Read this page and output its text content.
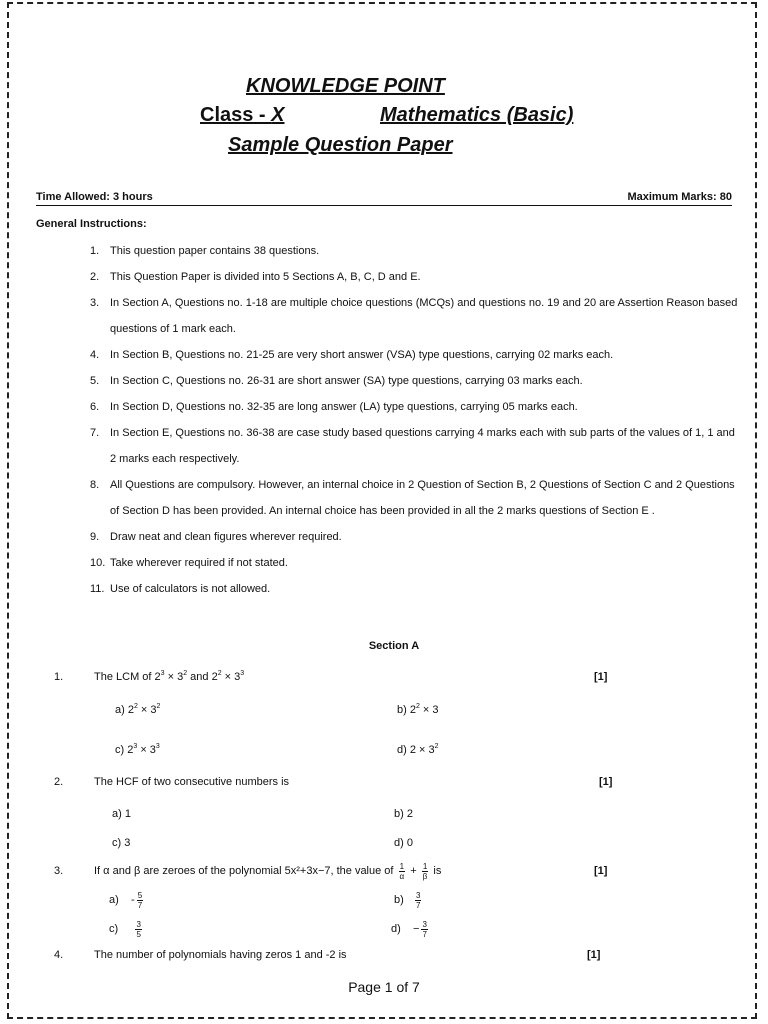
KNOWLEDGE POINT
Class - X	Mathematics (Basic)
Sample Question Paper
Time Allowed: 3 hours	Maximum Marks: 80
General Instructions:
1. This question paper contains 38 questions.
2. This Question Paper is divided into 5 Sections A, B, C, D and E.
3. In Section A, Questions no. 1-18 are multiple choice questions (MCQs) and questions no. 19 and 20 are Assertion Reason based questions of 1 mark each.
4. In Section B, Questions no. 21-25 are very short answer (VSA) type questions, carrying 02 marks each.
5. In Section C, Questions no. 26-31 are short answer (SA) type questions, carrying 03 marks each.
6. In Section D, Questions no. 32-35 are long answer (LA) type questions, carrying 05 marks each.
7. In Section E, Questions no. 36-38 are case study based questions carrying 4 marks each with sub parts of the values of 1, 1 and 2 marks each respectively.
8. All Questions are compulsory. However, an internal choice in 2 Question of Section B, 2 Questions of Section C and 2 Questions of Section D has been provided. An internal choice has been provided in all the 2 marks questions of Section E .
9. Draw neat and clean figures wherever required.
10. Take wherever required if not stated.
11. Use of calculators is not allowed.
Section A
1.	The LCM of $2^3 \times 3^2$ and $2^2 \times 3^3$	[1]
a) $2^2 \times 3^2$	b) $2^2 \times 3$
c) $2^3 \times 3^3$	d) $2 \times 3^2$
2.	The HCF of two consecutive numbers is	[1]
a) 1	b) 2
c) 3	d) 0
3.	If α and β are zeroes of the polynomial 5x²+3x−7, the value of $\frac{1}{\alpha} + \frac{1}{\beta}$ is	[1]
$a) - \frac{5}{7}$	$b) \frac{3}{7}$
$c) \frac{3}{5}$	$d) - \frac{3}{7}$
4.	The number of polynomials having zeros 1 and -2 is	[1]
Page 1 of 7
